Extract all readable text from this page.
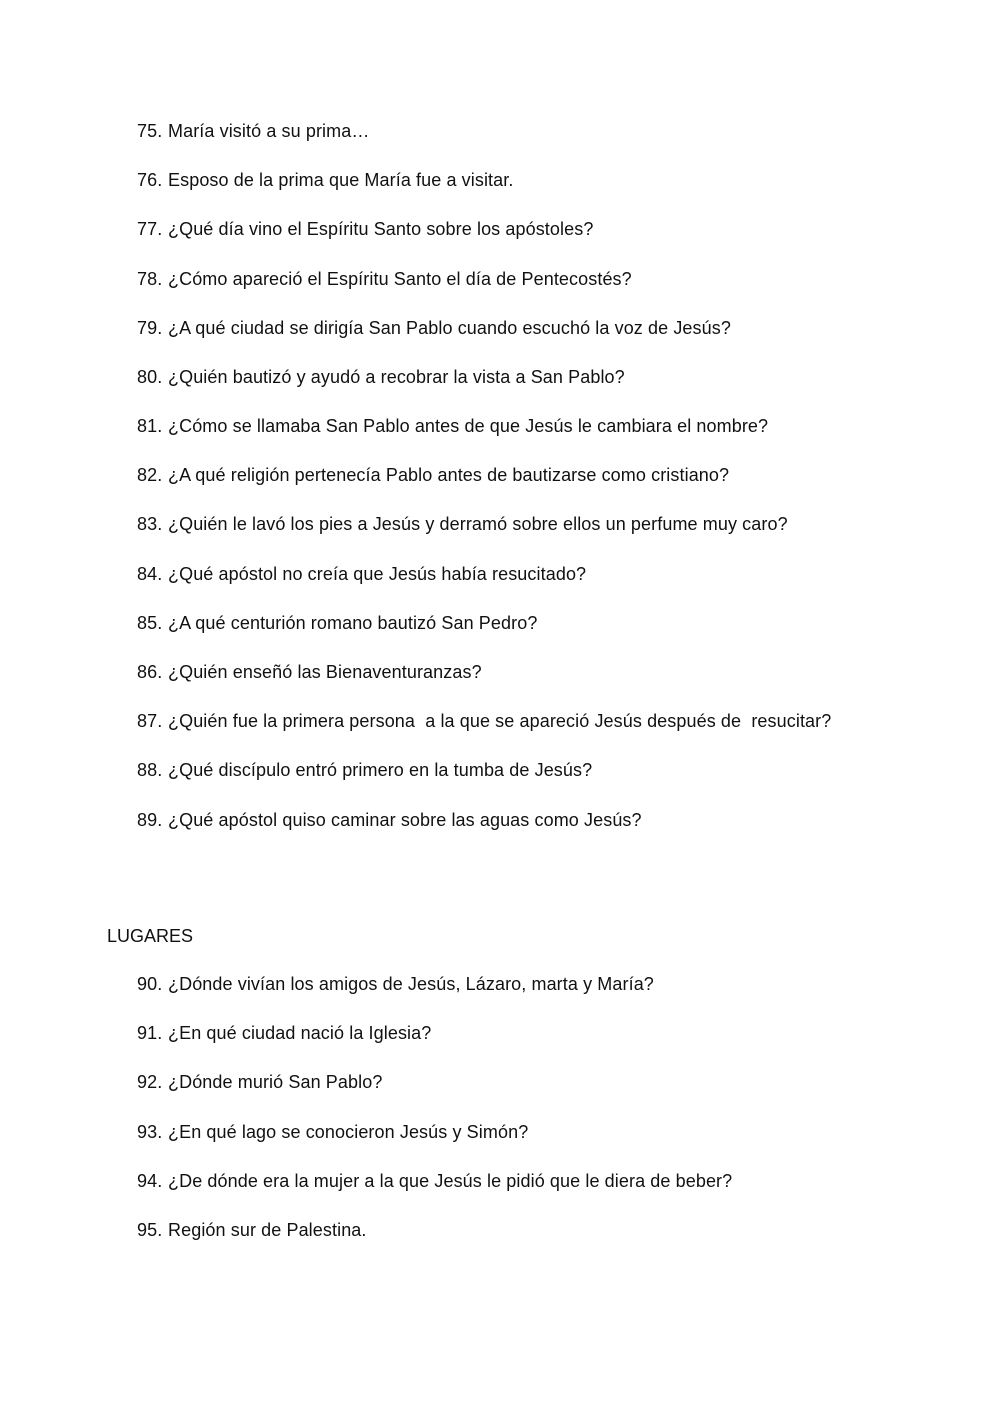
75. María visitó a su prima…
76. Esposo de la prima que María fue a visitar.
77. ¿Qué día vino el Espíritu Santo sobre los apóstoles?
78. ¿Cómo apareció el Espíritu Santo el día de Pentecostés?
79. ¿A qué ciudad se dirigía San Pablo cuando escuchó la voz de Jesús?
80. ¿Quién bautizó y ayudó a recobrar la vista a San Pablo?
81. ¿Cómo se llamaba San Pablo antes de que Jesús le cambiara el nombre?
82. ¿A qué religión pertenecía Pablo antes de bautizarse como cristiano?
83. ¿Quién le lavó los pies a Jesús y derramó sobre ellos un perfume muy caro?
84. ¿Qué apóstol no creía que Jesús había resucitado?
85. ¿A qué centurión romano bautizó San Pedro?
86. ¿Quién enseñó las Bienaventuranzas?
87. ¿Quién fue la primera persona  a la que se apareció Jesús después de  resucitar?
88. ¿Qué discípulo entró primero en la tumba de Jesús?
89. ¿Qué apóstol quiso caminar sobre las aguas como Jesús?
LUGARES
90. ¿Dónde vivían los amigos de Jesús, Lázaro, marta y María?
91. ¿En qué ciudad nació la Iglesia?
92. ¿Dónde murió San Pablo?
93. ¿En qué lago se conocieron Jesús y Simón?
94. ¿De dónde era la mujer a la que Jesús le pidió que le diera de beber?
95. Región sur de Palestina.
